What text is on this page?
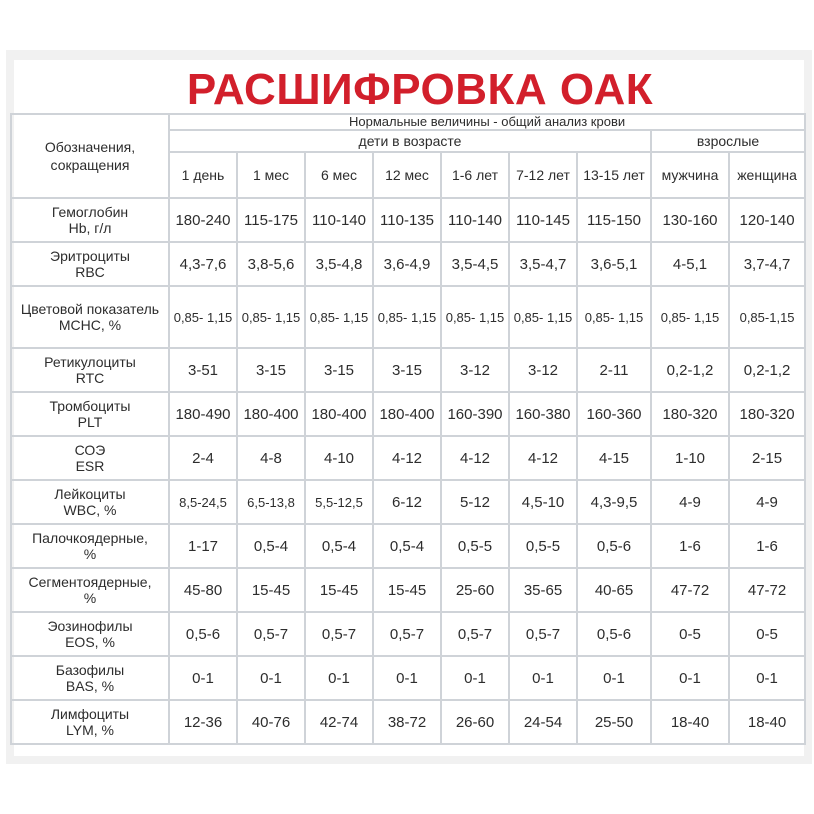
РАСШИФРОВКА ОАК
Обозначения,
сокращения	Нормальные величины - общий анализ крови								
	дети в возрасте							взрослые	
	1 день	1 мес	6 мес	12 мес	1-6 лет	7-12 лет	13-15 лет	мужчина	женщина
Гемоглобин
Hb, г/л	180-240	115-175	110-140	110-135	110-140	110-145	115-150	130-160	120-140
Эритроциты
RBC	4,3-7,6	3,8-5,6	3,5-4,8	3,6-4,9	3,5-4,5	3,5-4,7	3,6-5,1	4-5,1	3,7-4,7
Цветовой показатель
МСНС, %	0,85- 1,15	0,85- 1,15	0,85- 1,15	0,85- 1,15	0,85- 1,15	0,85- 1,15	0,85- 1,15	0,85- 1,15	0,85-1,15
Ретикулоциты
RTC	3-51	3-15	3-15	3-15	3-12	3-12	2-11	0,2-1,2	0,2-1,2
Тромбоциты
PLT	180-490	180-400	180-400	180-400	160-390	160-380	160-360	180-320	180-320
СОЭ
ESR	2-4	4-8	4-10	4-12	4-12	4-12	4-15	1-10	2-15
Лейкоциты
WBC, %	8,5-24,5	6,5-13,8	5,5-12,5	6-12	5-12	4,5-10	4,3-9,5	4-9	4-9
Палочкоядерные,
%	1-17	0,5-4	0,5-4	0,5-4	0,5-5	0,5-5	0,5-6	1-6	1-6
Сегментоядерные,
%	45-80	15-45	15-45	15-45	25-60	35-65	40-65	47-72	47-72
Эозинофилы
EOS, %	0,5-6	0,5-7	0,5-7	0,5-7	0,5-7	0,5-7	0,5-6	0-5	0-5
Базофилы
BAS, %	0-1	0-1	0-1	0-1	0-1	0-1	0-1	0-1	0-1
Лимфоциты
LYM, %	12-36	40-76	42-74	38-72	26-60	24-54	25-50	18-40	18-40
